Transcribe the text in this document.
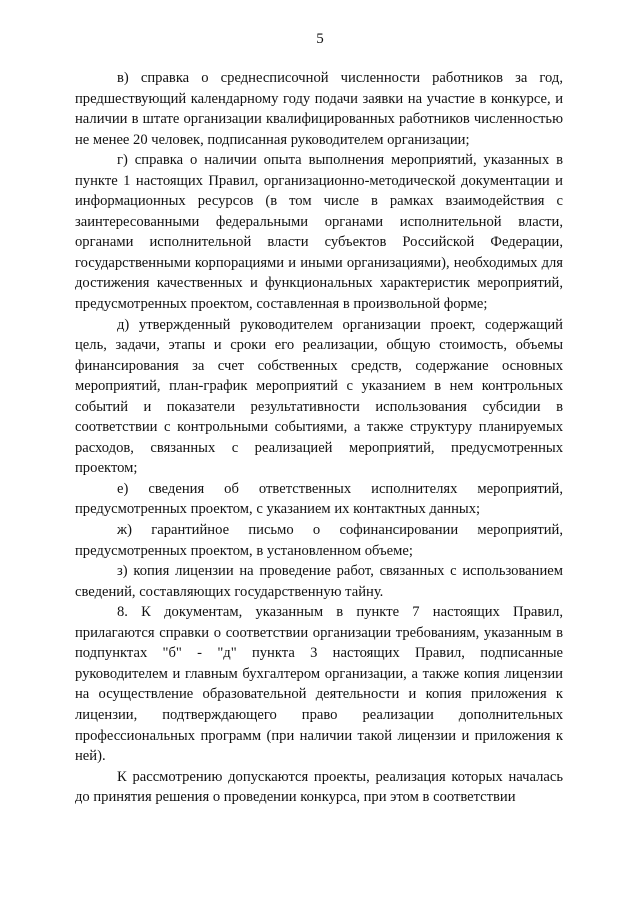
5

в) справка о среднесписочной численности работников за год, предшествующий календарному году подачи заявки на участие в конкурсе, и наличии в штате организации квалифицированных работников численностью не менее 20 человек, подписанная руководителем организации;

г) справка о наличии опыта выполнения мероприятий, указанных в пункте 1 настоящих Правил, организационно-методической документации и информационных ресурсов (в том числе в рамках взаимодействия с заинтересованными федеральными органами исполнительной власти, органами исполнительной власти субъектов Российской Федерации, государственными корпорациями и иными организациями), необходимых для достижения качественных и функциональных характеристик мероприятий, предусмотренных проектом, составленная в произвольной форме;

д) утвержденный руководителем организации проект, содержащий цель, задачи, этапы и сроки его реализации, общую стоимость, объемы финансирования за счет собственных средств, содержание основных мероприятий, план-график мероприятий с указанием в нем контрольных событий и показатели результативности использования субсидии в соответствии с контрольными событиями, а также структуру планируемых расходов, связанных с реализацией мероприятий, предусмотренных проектом;

е) сведения об ответственных исполнителях мероприятий, предусмотренных проектом, с указанием их контактных данных;

ж) гарантийное письмо о софинансировании мероприятий, предусмотренных проектом, в установленном объеме;

з) копия лицензии на проведение работ, связанных с использованием сведений, составляющих государственную тайну.

8. К документам, указанным в пункте 7 настоящих Правил, прилагаются справки о соответствии организации требованиям, указанным в подпунктах "б" - "д" пункта 3 настоящих Правил, подписанные руководителем и главным бухгалтером организации, а также копия лицензии на осуществление образовательной деятельности и копия приложения к лицензии, подтверждающего право реализации дополнительных профессиональных программ (при наличии такой лицензии и приложения к ней).

К рассмотрению допускаются проекты, реализация которых началась до принятия решения о проведении конкурса, при этом в соответствии
